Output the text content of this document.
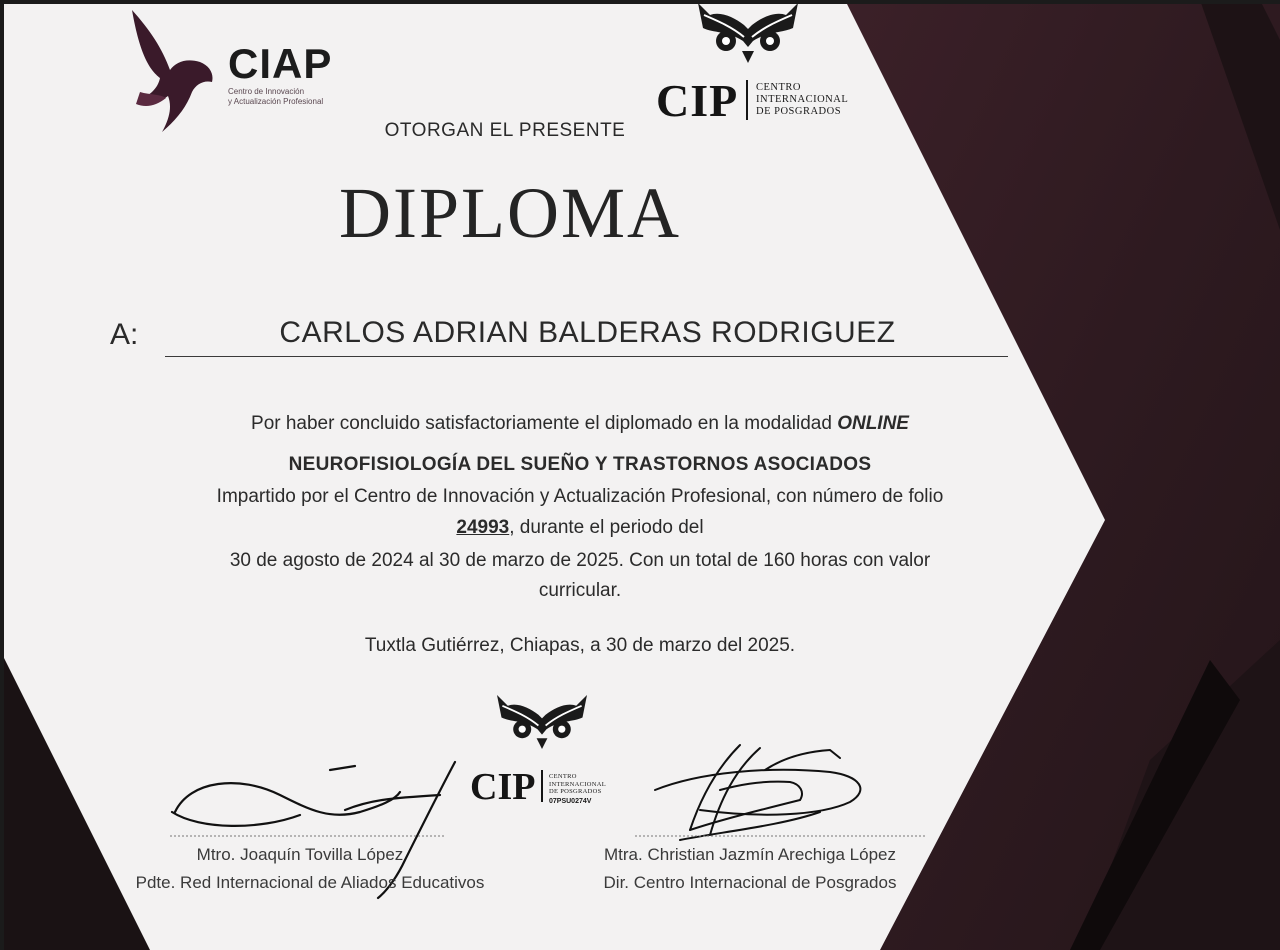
CIAP
Centro de Innovación
y Actualización Profesional	CIP CENTRO
INTERNACIONAL
DE POSGRADOS
OTORGAN EL PRESENTE
DIPLOMA
A:	CARLOS ADRIAN BALDERAS RODRIGUEZ
Por haber concluido satisfactoriamente el diplomado en la modalidad ONLINE
NEUROFISIOLOGÍA DEL SUEÑO Y TRASTORNOS ASOCIADOS
Impartido por el Centro de Innovación y Actualización Profesional, con número de folio
24993, durante el periodo del
30 de agosto de 2024 al 30 de marzo de 2025. Con un total de 160 horas con valor
curricular.
Tuxtla Gutiérrez, Chiapas, a 30 de marzo del 2025.
CIP CENTRO
INTERNACIONAL
DE POSGRADOS
07PSU0274V
Mtro. Joaquín Tovilla López
Pdte. Red Internacional de Aliados Educativos
Mtra. Christian Jazmín Arechiga López
Dir. Centro Internacional de Posgrados
